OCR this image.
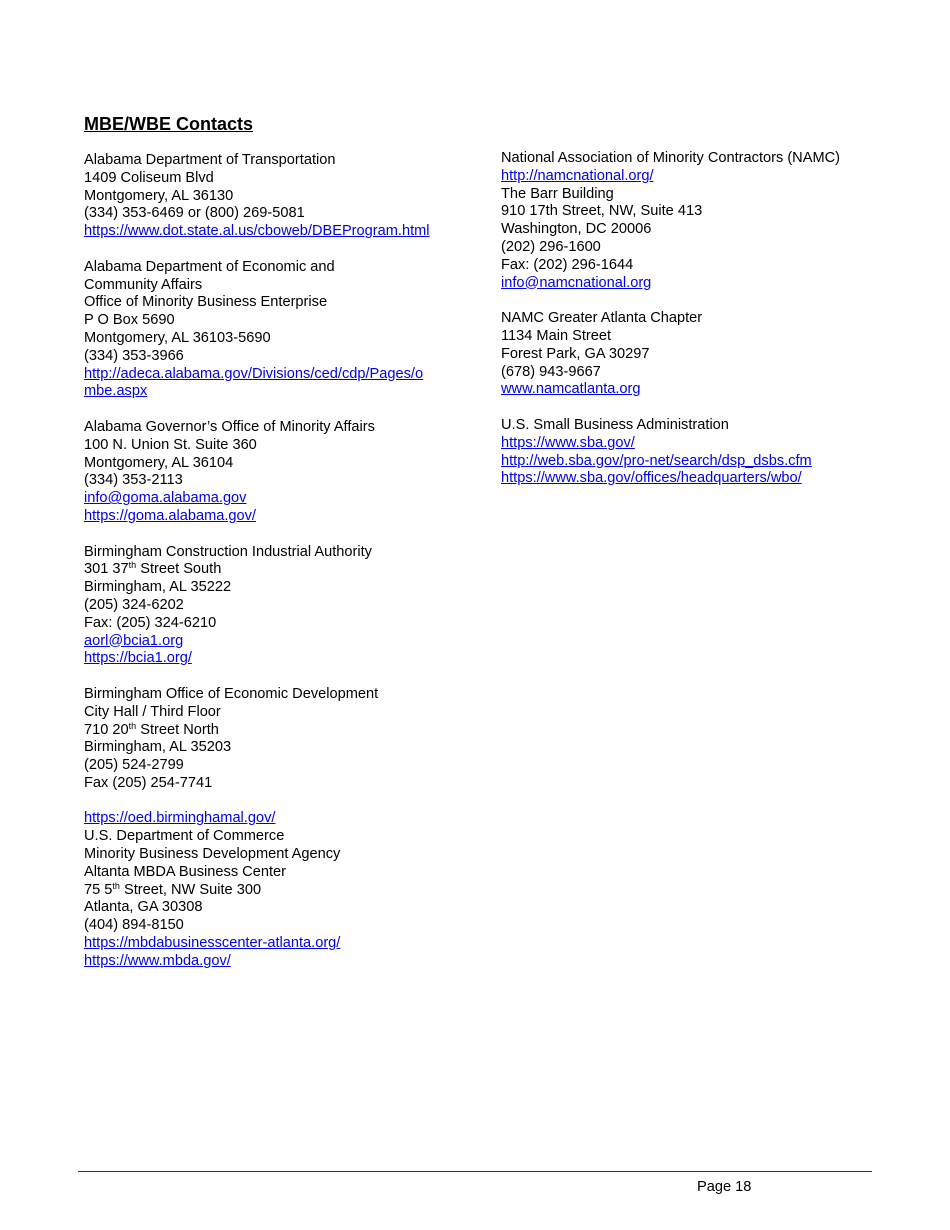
MBE/WBE Contacts
Alabama Department of Transportation
1409 Coliseum Blvd
Montgomery, AL 36130
(334) 353-6469 or (800) 269-5081
https://www.dot.state.al.us/cboweb/DBEProgram.html
Alabama Department of Economic and
Community Affairs
Office of Minority Business Enterprise
P O Box 5690
Montgomery, AL 36103-5690
(334) 353-3966
http://adeca.alabama.gov/Divisions/ced/cdp/Pages/o
mbe.aspx
Alabama Governor’s Office of Minority Affairs
100 N. Union St. Suite 360
Montgomery, AL 36104
(334) 353-2113
info@goma.alabama.gov
https://goma.alabama.gov/
Birmingham Construction Industrial Authority
301 37th Street South
Birmingham, AL 35222
(205) 324-6202
Fax: (205) 324-6210
aorl@bcia1.org
https://bcia1.org/
Birmingham Office of Economic Development
City Hall / Third Floor
710 20th Street North
Birmingham, AL 35203
(205) 524-2799
Fax (205) 254-7741
https://oed.birminghamal.gov/
U.S. Department of Commerce
Minority Business Development Agency
Altanta MBDA Business Center
75 5th Street, NW Suite 300
Atlanta, GA 30308
(404) 894-8150
https://mbdabusinesscenter-atlanta.org/
https://www.mbda.gov/
National Association of Minority Contractors (NAMC)
http://namcnational.org/
The Barr Building
910 17th Street, NW, Suite 413
Washington, DC 20006
(202) 296-1600
Fax: (202) 296-1644
info@namcnational.org
NAMC Greater Atlanta Chapter
1134 Main Street
Forest Park, GA 30297
(678) 943-9667
www.namcatlanta.org
U.S. Small Business Administration
https://www.sba.gov/
http://web.sba.gov/pro-net/search/dsp_dsbs.cfm
https://www.sba.gov/offices/headquarters/wbo/
Page 18
